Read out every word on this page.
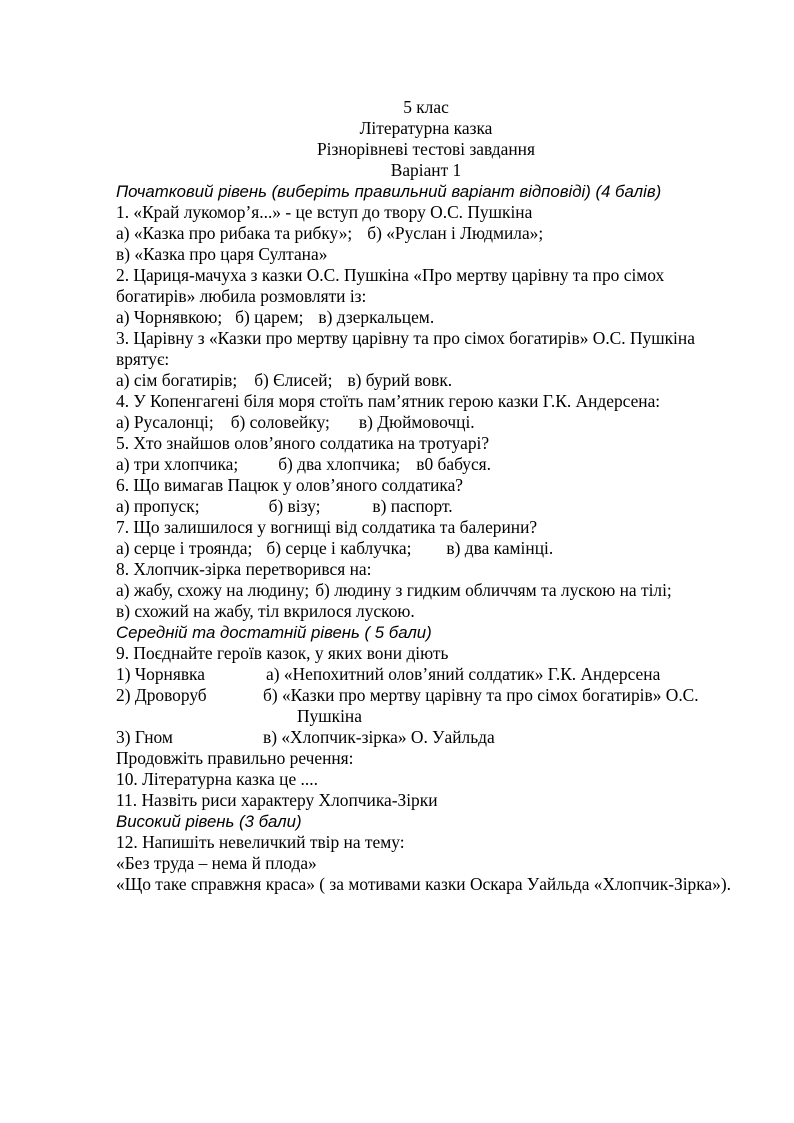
5 клас
Літературна казка
Різнорівневі тестові завдання
Варіант 1
Початковий рівень (виберіть правильний варіант відповіді) (4 балів)
1. «Край лукомор’я...» - це вступ до твору О.С. Пушкіна
а) «Казка про рибака та рибку»; б) «Руслан і Людмила»;
в) «Казка про царя Султана»
2. Цариця-мачуха з казки О.С. Пушкіна «Про мертву царівну та про сімох
богатирів» любила розмовляти із:
а) Чорнявкою; б) царем; в) дзеркальцем.
3. Царівну з «Казки про мертву царівну та про сімох богатирів» О.С. Пушкіна
врятує:
а) сім богатирів; б) Єлисей; в) бурий вовк.
4. У Копенгагені біля моря стоїть пам’ятник герою казки Г.К. Андерсена:
а) Русалонці; б) соловейку; в) Дюймовочці.
5. Хто знайшов олов’яного солдатика на тротуарі?
а) три хлопчика; б) два хлопчика; в0 бабуся.
6. Що вимагав Пацюк у олов’яного солдатика?
а) пропуск;	б) візу;	в) паспорт.
7. Що залишилося у вогнищі від солдатика та балерини?
а) серце і троянда; б) серце і каблучка; в) два камінці.
8. Хлопчик-зірка перетворився на:
а) жабу, схожу на людину; б) людину з гидким обличчям та лускою на тілі;
в) схожий на жабу, тіл вкрилося лускою.
Середній та достатній рівень ( 5 бали)
9. Поєднайте героїв казок, у яких вони діють
1) Чорнявка	а) «Непохитний олов’яний солдатик» Г.К. Андерсена
2) Дроворуб	б) «Казки про мертву царівну та про сімох богатирів» О.С.
Пушкіна
3) Гном	в) «Хлопчик-зірка» О. Уайльда
Продовжіть правильно речення:
10. Літературна казка це ....
11. Назвіть риси характеру Хлопчика-Зірки
Високий рівень (3 бали)
12. Напишіть невеличкий твір на тему:
«Без труда – нема й плода»
«Що таке справжня краса» ( за мотивами казки Оскара Уайльда «Хлопчик-Зірка»).
